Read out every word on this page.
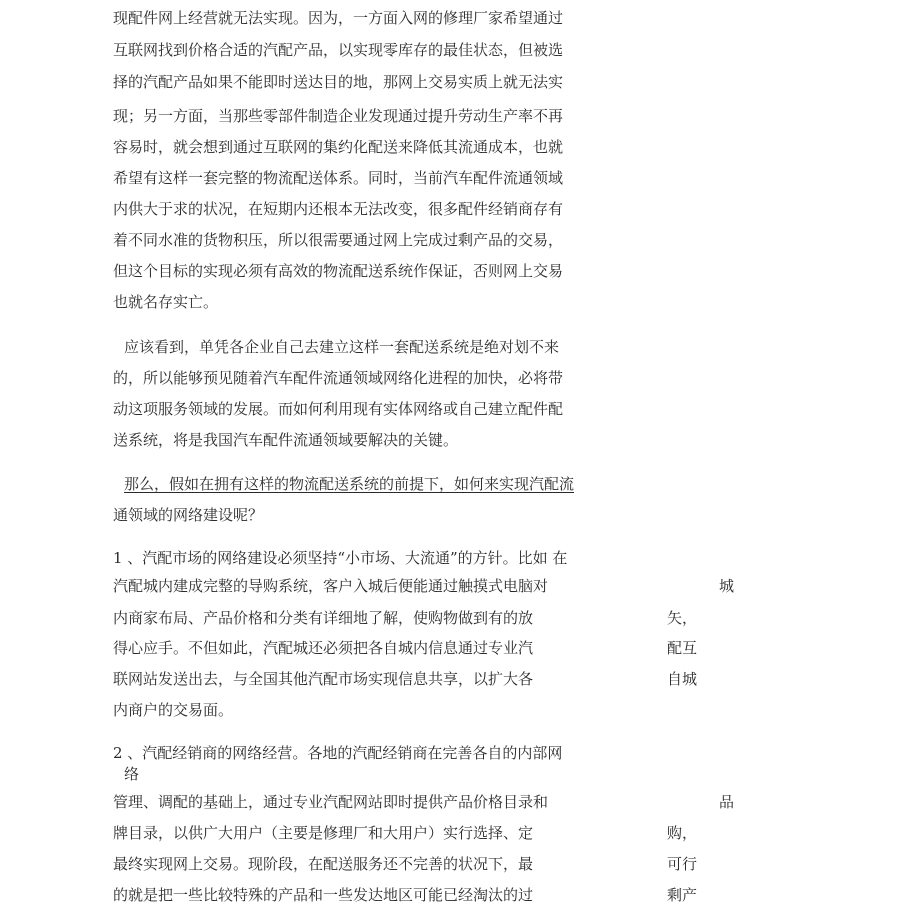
现配件网上经营就无法实现。因为，一方面入网的修理厂家希望通过
互联网找到价格合适的汽配产品，以实现零库存的最佳状态，但被选
择的汽配产品如果不能即时送达目的地，那网上交易实质上就无法实
现；另一方面，当那些零部件制造企业发现通过提升劳动生产率不再
容易时，就会想到通过互联网的集约化配送来降低其流通成本，也就
希望有这样一套完整的物流配送体系。同时，当前汽车配件流通领域
内供大于求的状况，在短期内还根本无法改变，很多配件经销商存有
着不同水准的货物积压，所以很需要通过网上完成过剩产品的交易，
但这个目标的实现必须有高效的物流配送系统作保证，否则网上交易
也就名存实亡。
应该看到，单凭各企业自己去建立这样一套配送系统是绝对划不来
的，所以能够预见随着汽车配件流通领域网络化进程的加快，必将带
动这项服务领域的发展。而如何利用现有实体网络或自己建立配件配
送系统，将是我国汽车配件流通领域要解决的关键。
那么，假如在拥有这样的物流配送系统的前提下，如何来实现汽配流
通领域的网络建设呢？
1 、汽配市场的网络建设必须坚持“小市场、大流通”的方针。比如 在
汽配城内建成完整的导购系统，客户入城后便能通过触摸式电脑对
内商家布局、产品价格和分类有详细地了解，使购物做到有的放
得心应手。不但如此，汽配城还必须把各自城内信息通过专业汽
联网站发送出去，与全国其他汽配市场实现信息共享，以扩大各
内商户的交易面。
城
矢，
配互
自城
2 、汽配经销商的网络经营。各地的汽配经销商在完善各自的内部网
络
管理、调配的基础上，通过专业汽配网站即时提供产品价格目录和
牌目录，以供广大用户（主要是修理厂和大用户）实行选择、定
最终实现网上交易。现阶段，在配送服务还不完善的状况下，最
的就是把一些比较特殊的产品和一些发达地区可能已经淘汰的过
品
购，
可行
剩产
